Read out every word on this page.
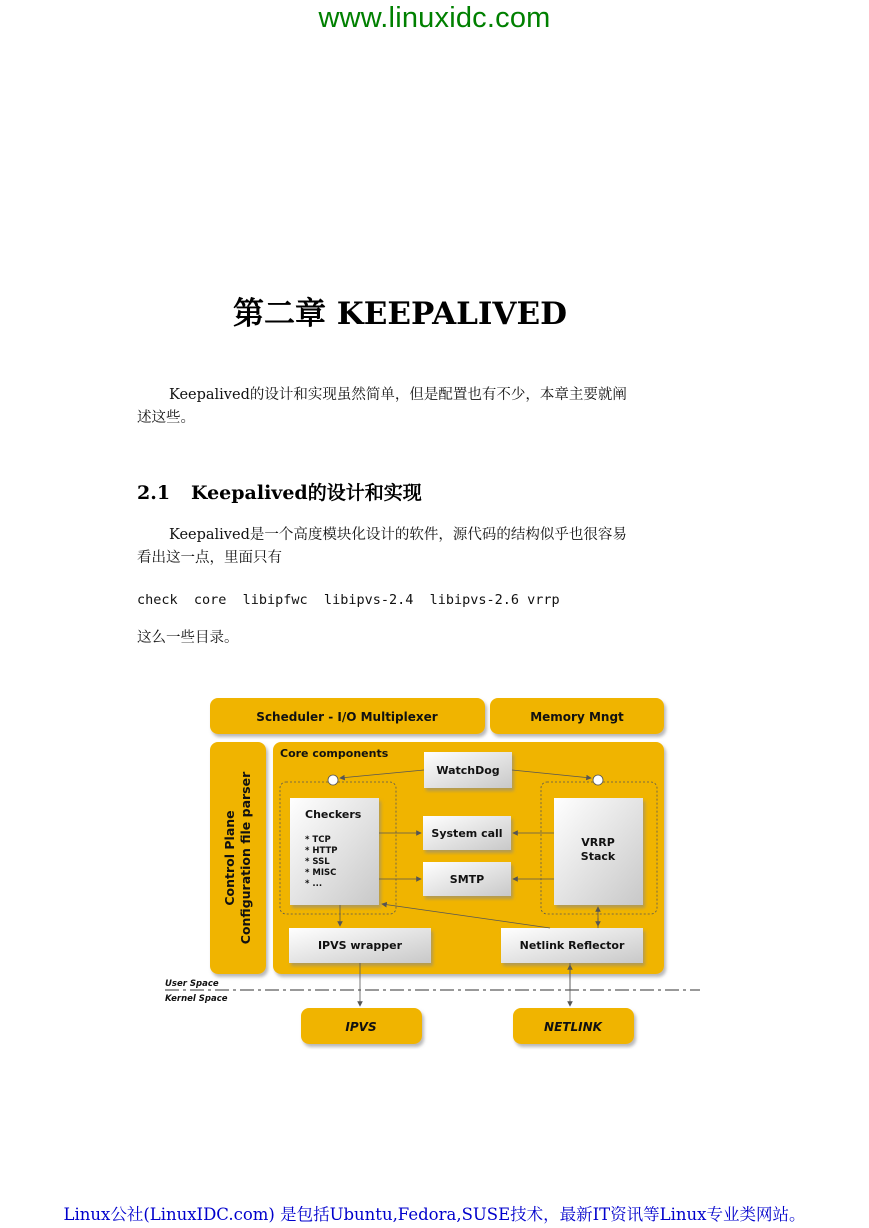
www.linuxidc.com
第二章 KEEPALIVED
Keepalived的设计和实现虽然简单，但是配置也有不少，本章主要就阐
述这些。
2.1 Keepalived的设计和实现
Keepalived是一个高度模块化设计的软件，源代码的结构似乎也很容易
看出这一点，里面只有
check  core  libipfwc  libipvs-2.4  libipvs-2.6 vrrp
这么一些目录。
Scheduler - I/O Multiplexer	Memory Mngt
Control Plane Configuration file parser
Core components
WatchDog
Checkers
* TCP
* HTTP
* SSL
* MISC
* ...
System call
SMTP
VRRP
Stack
IPVS wrapper	Netlink Reflector
User Space
Kernel Space
IPVS	NETLINK
Linux公社(LinuxIDC.com) 是包括Ubuntu,Fedora,SUSE技术，最新IT资讯等Linux专业类网站。
